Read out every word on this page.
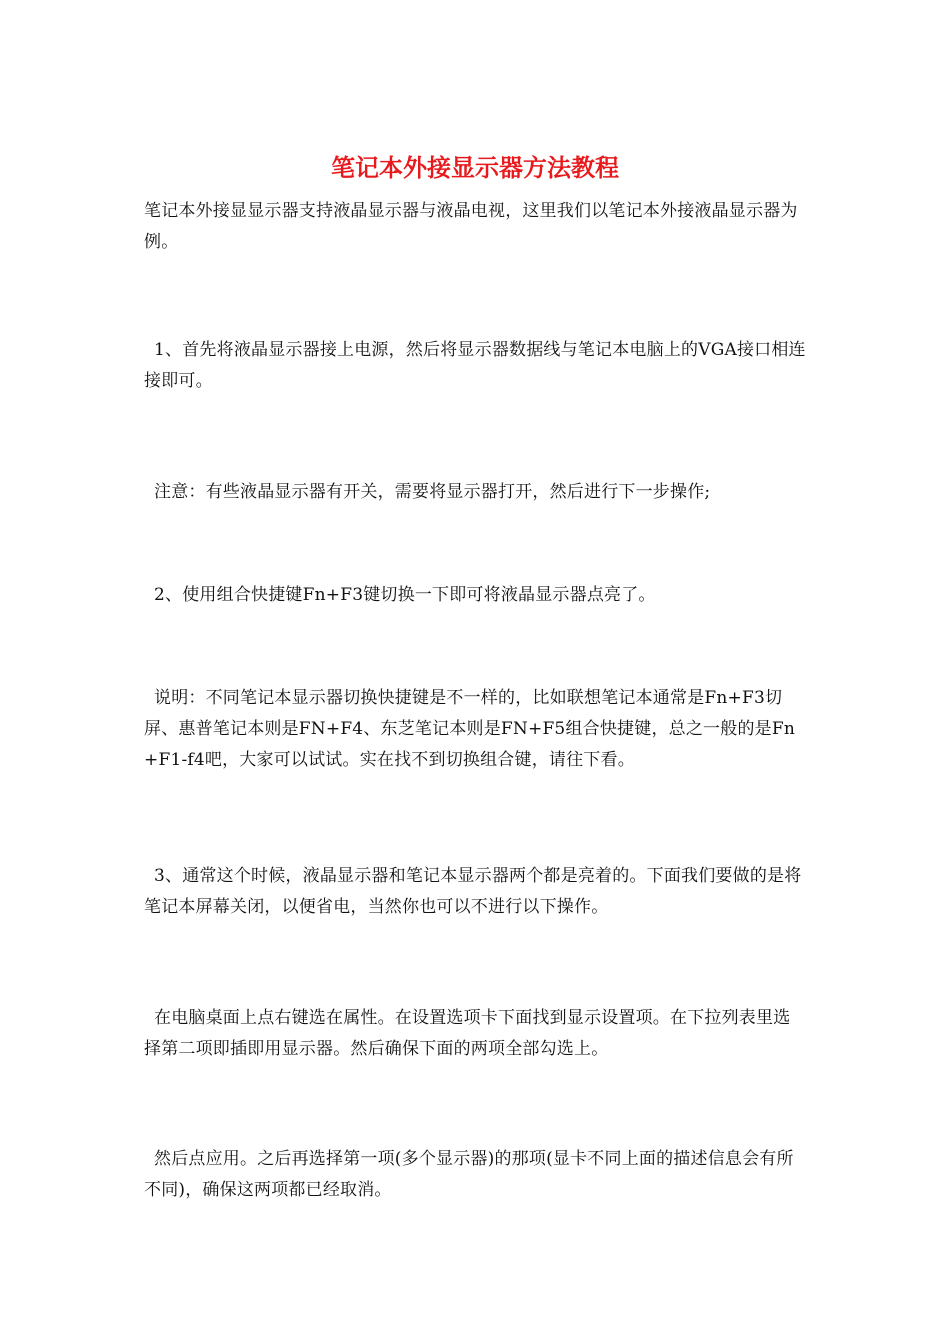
笔记本外接显示器方法教程

笔记本外接显显示器支持液晶显示器与液晶电视，这里我们以笔记本外接液晶显示器为例。

1、首先将液晶显示器接上电源，然后将显示器数据线与笔记本电脑上的VGA接口相连接即可。

注意：有些液晶显示器有开关，需要将显示器打开，然后进行下一步操作;

2、使用组合快捷键Fn+F3键切换一下即可将液晶显示器点亮了。

说明：不同笔记本显示器切换快捷键是不一样的，比如联想笔记本通常是Fn+F3切屏、惠普笔记本则是FN+F4、东芝笔记本则是FN+F5组合快捷键，总之一般的是Fn+F1-f4吧，大家可以试试。实在找不到切换组合键，请往下看。

3、通常这个时候，液晶显示器和笔记本显示器两个都是亮着的。下面我们要做的是将笔记本屏幕关闭，以便省电，当然你也可以不进行以下操作。

在电脑桌面上点右键选在属性。在设置选项卡下面找到显示设置项。在下拉列表里选择第二项即插即用显示器。然后确保下面的两项全部勾选上。

然后点应用。之后再选择第一项(多个显示器)的那项(显卡不同上面的描述信息会有所不同)，确保这两项都已经取消。
